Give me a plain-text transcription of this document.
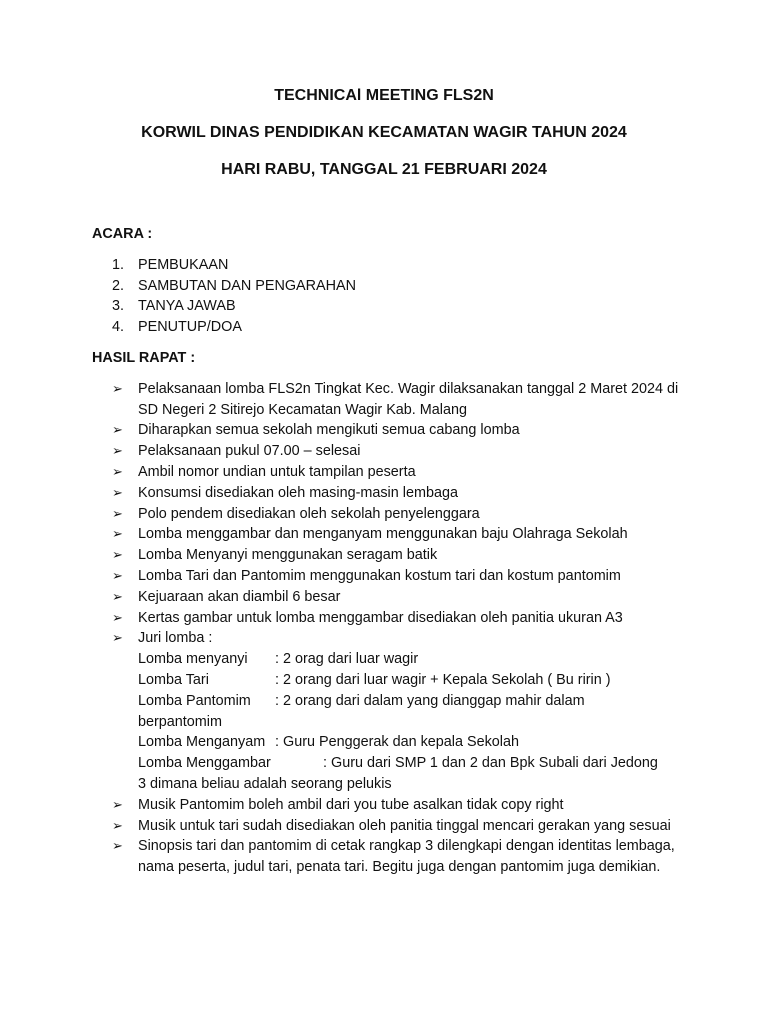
TECHNICAl MEETING FLS2N

KORWIL DINAS PENDIDIKAN KECAMATAN WAGIR TAHUN 2024

HARI RABU, TANGGAL 21 FEBRUARI 2024

ACARA :

1. PEMBUKAAN
2. SAMBUTAN DAN PENGARAHAN
3. TANYA JAWAB
4. PENUTUP/DOA

HASIL RAPAT :

➢ Pelaksanaan lomba FLS2n Tingkat Kec. Wagir dilaksanakan tanggal 2 Maret 2024 di SD Negeri 2 Sitirejo Kecamatan Wagir Kab. Malang
➢ Diharapkan semua sekolah mengikuti semua cabang lomba
➢ Pelaksanaan pukul 07.00 – selesai
➢ Ambil nomor undian untuk tampilan peserta
➢ Konsumsi disediakan oleh masing-masin lembaga
➢ Polo pendem disediakan oleh sekolah penyelenggara
➢ Lomba menggambar dan menganyam menggunakan baju Olahraga Sekolah
➢ Lomba Menyanyi menggunakan seragam batik
➢ Lomba Tari dan Pantomim menggunakan kostum tari dan kostum pantomim
➢ Kejuaraan akan diambil 6 besar
➢ Kertas gambar untuk lomba menggambar disediakan oleh panitia ukuran A3
➢ Juri lomba :
Lomba menyanyi	: 2 orag dari luar wagir
Lomba Tari	: 2 orang dari luar wagir + Kepala Sekolah ( Bu ririn )
Lomba Pantomim	: 2 orang dari dalam yang dianggap mahir dalam
berpantomim
Lomba Menganyam : Guru Penggerak dan kepala Sekolah
Lomba Menggambar	: Guru dari SMP 1 dan 2 dan Bpk Subali dari Jedong
3 dimana beliau adalah seorang pelukis
➢ Musik Pantomim boleh ambil dari you tube asalkan tidak copy right
➢ Musik untuk tari sudah disediakan oleh panitia tinggal mencari gerakan yang sesuai
➢ Sinopsis tari dan pantomim di cetak rangkap 3 dilengkapi dengan identitas lembaga, nama peserta, judul tari, penata tari. Begitu juga dengan pantomim juga demikian.
